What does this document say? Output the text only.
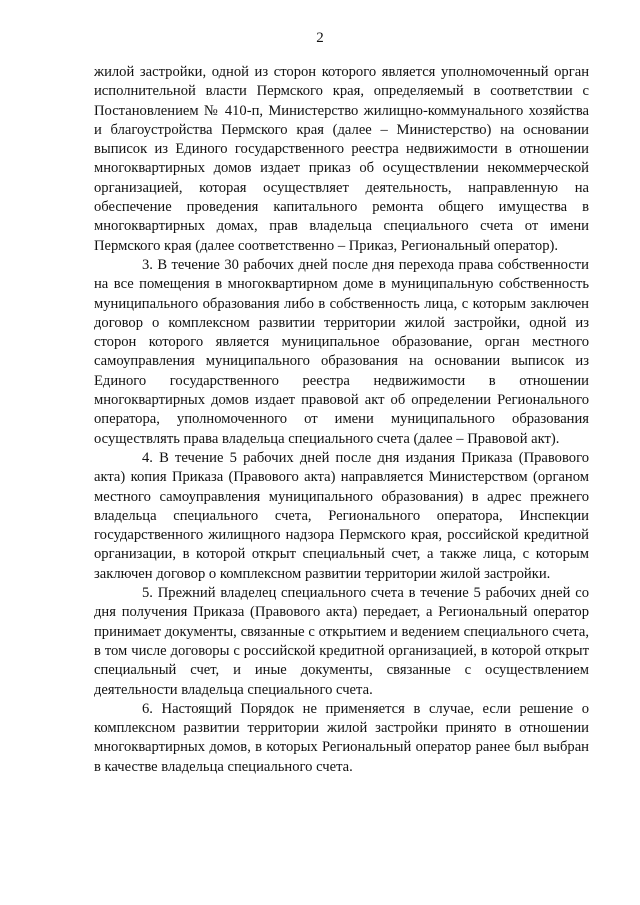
2

жилой застройки, одной из сторон которого является уполномоченный орган исполнительной власти Пермского края, определяемый в соответствии с Постановлением № 410-п, Министерство жилищно-коммунального хозяйства и благоустройства Пермского края (далее – Министерство) на основании выписок из Единого государственного реестра недвижимости в отношении многоквартирных домов издает приказ об осуществлении некоммерческой организацией, которая осуществляет деятельность, направленную на обеспечение проведения капитального ремонта общего имущества в многоквартирных домах, прав владельца специального счета от имени Пермского края (далее соответственно – Приказ, Региональный оператор).

3. В течение 30 рабочих дней после дня перехода права собственности на все помещения в многоквартирном доме в муниципальную собственность муниципального образования либо в собственность лица, с которым заключен договор о комплексном развитии территории жилой застройки, одной из сторон которого является муниципальное образование, орган местного самоуправления муниципального образования на основании выписок из Единого государственного реестра недвижимости в отношении многоквартирных домов издает правовой акт об определении Регионального оператора, уполномоченного от имени муниципального образования осуществлять права владельца специального счета (далее – Правовой акт).

4. В течение 5 рабочих дней после дня издания Приказа (Правового акта) копия Приказа (Правового акта) направляется Министерством (органом местного самоуправления муниципального образования) в адрес прежнего владельца специального счета, Регионального оператора, Инспекции государственного жилищного надзора Пермского края, российской кредитной организации, в которой открыт специальный счет, а также лица, с которым заключен договор о комплексном развитии территории жилой застройки.

5. Прежний владелец специального счета в течение 5 рабочих дней со дня получения Приказа (Правового акта) передает, а Региональный оператор принимает документы, связанные с открытием и ведением специального счета, в том числе договоры с российской кредитной организацией, в которой открыт специальный счет, и иные документы, связанные с осуществлением деятельности владельца специального счета.

6. Настоящий Порядок не применяется в случае, если решение о комплексном развитии территории жилой застройки принято в отношении многоквартирных домов, в которых Региональный оператор ранее был выбран в качестве владельца специального счета.
